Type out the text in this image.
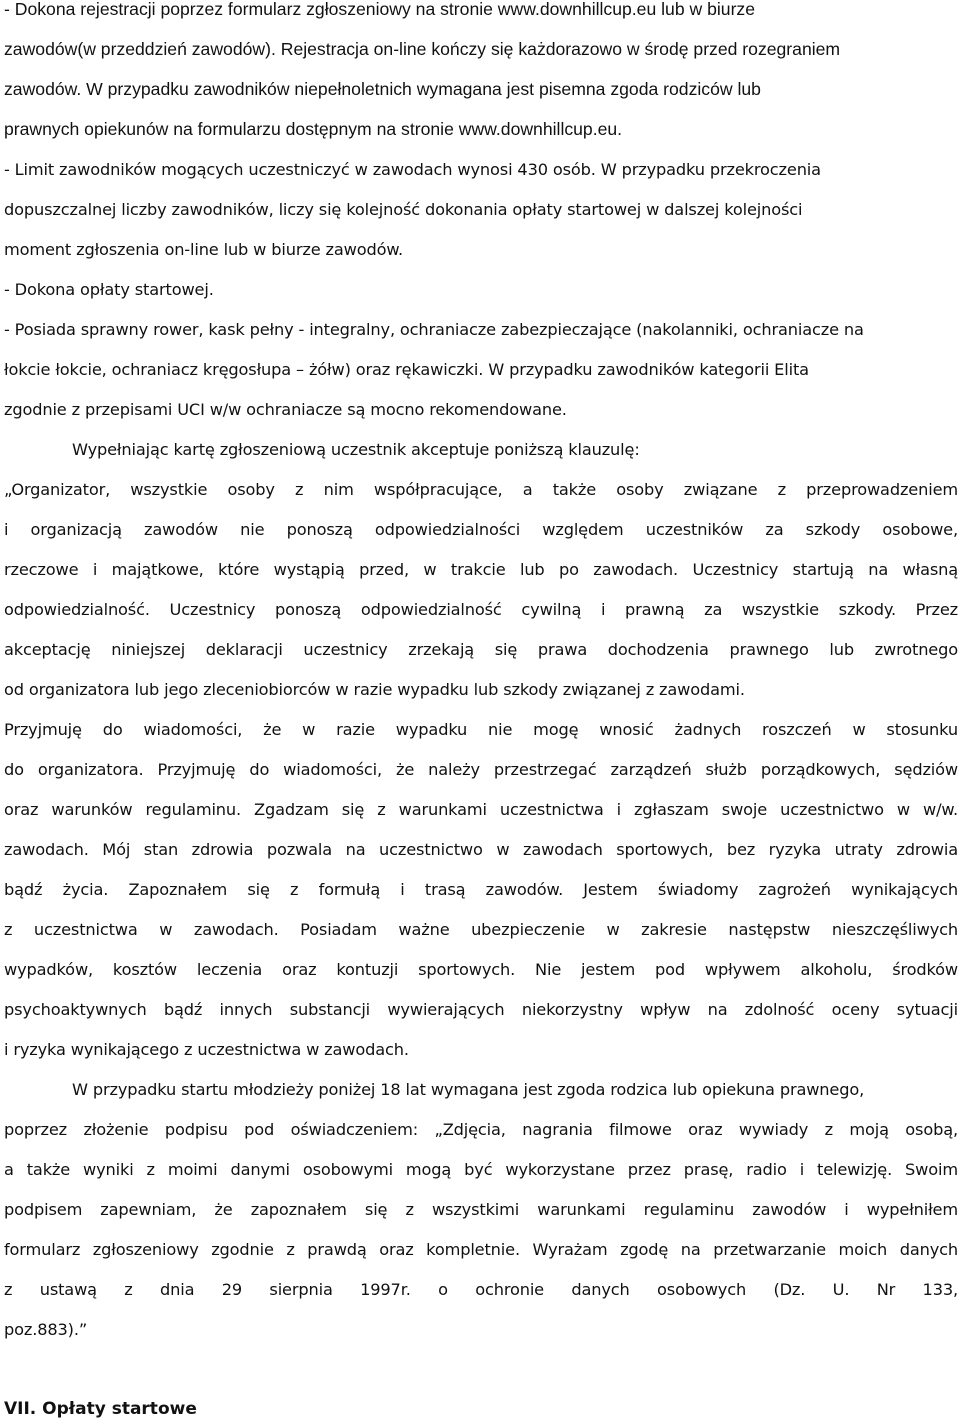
- Dokona rejestracji poprzez formularz zgłoszeniowy na stronie www.downhillcup.eu lub w biurze
zawodów(w przeddzień zawodów). Rejestracja on-line kończy się każdorazowo w środę przed rozegraniem
zawodów. W przypadku zawodników niepełnoletnich wymagana jest pisemna zgoda rodziców lub
prawnych opiekunów na formularzu dostępnym na stronie www.downhillcup.eu.
- Limit zawodników mogących uczestniczyć w zawodach wynosi 430 osób. W przypadku przekroczenia
dopuszczalnej liczby zawodników, liczy się kolejność dokonania opłaty startowej w dalszej kolejności
moment zgłoszenia on-line lub w biurze zawodów.
- Dokona opłaty startowej.
- Posiada sprawny rower, kask pełny - integralny, ochraniacze zabezpieczające (nakolanniki, ochraniacze na
łokcie łokcie, ochraniacz kręgosłupa – żółw) oraz rękawiczki. W przypadku zawodników kategorii Elita
zgodnie z przepisami UCI w/w ochraniacze są mocno rekomendowane.
Wypełniając kartę zgłoszeniową uczestnik akceptuje poniższą klauzulę:
„Organizator, wszystkie osoby z nim współpracujące, a także osoby związane z przeprowadzeniem
i organizacją zawodów nie ponoszą odpowiedzialności względem uczestników za szkody osobowe,
rzeczowe i majątkowe, które wystąpią przed, w trakcie lub po zawodach. Uczestnicy startują na własną
odpowiedzialność. Uczestnicy ponoszą odpowiedzialność cywilną i prawną za wszystkie szkody. Przez
akceptację niniejszej deklaracji uczestnicy zrzekają się prawa dochodzenia prawnego lub zwrotnego
od organizatora lub jego zleceniobiorców w razie wypadku lub szkody związanej z zawodami.
Przyjmuję do wiadomości, że w razie wypadku nie mogę wnosić żadnych roszczeń w stosunku
do organizatora. Przyjmuję do wiadomości, że należy przestrzegać zarządzeń służb porządkowych, sędziów
oraz warunków regulaminu. Zgadzam się z warunkami uczestnictwa i zgłaszam swoje uczestnictwo w w/w.
zawodach. Mój stan zdrowia pozwala na uczestnictwo w zawodach sportowych, bez ryzyka utraty zdrowia
bądź życia. Zapoznałem się z formułą i trasą zawodów. Jestem świadomy zagrożeń wynikających
z uczestnictwa w zawodach. Posiadam ważne ubezpieczenie w zakresie następstw nieszczęśliwych
wypadków, kosztów leczenia oraz kontuzji sportowych. Nie jestem pod wpływem alkoholu, środków
psychoaktywnych bądź innych substancji wywierających niekorzystny wpływ na zdolność oceny sytuacji
i ryzyka wynikającego z uczestnictwa w zawodach.
W przypadku startu młodzieży poniżej 18 lat wymagana jest zgoda rodzica lub opiekuna prawnego,
poprzez złożenie podpisu pod oświadczeniem: „Zdjęcia, nagrania filmowe oraz wywiady z moją osobą,
a także wyniki z moimi danymi osobowymi mogą być wykorzystane przez prasę, radio i telewizję. Swoim
podpisem zapewniam, że zapoznałem się z wszystkimi warunkami regulaminu zawodów i wypełniłem
formularz zgłoszeniowy zgodnie z prawdą oraz kompletnie. Wyrażam zgodę na przetwarzanie moich danych
z ustawą z dnia 29 sierpnia 1997r. o ochronie danych osobowych (Dz. U. Nr 133,
poz.883).”
VII. Opłaty startowe
